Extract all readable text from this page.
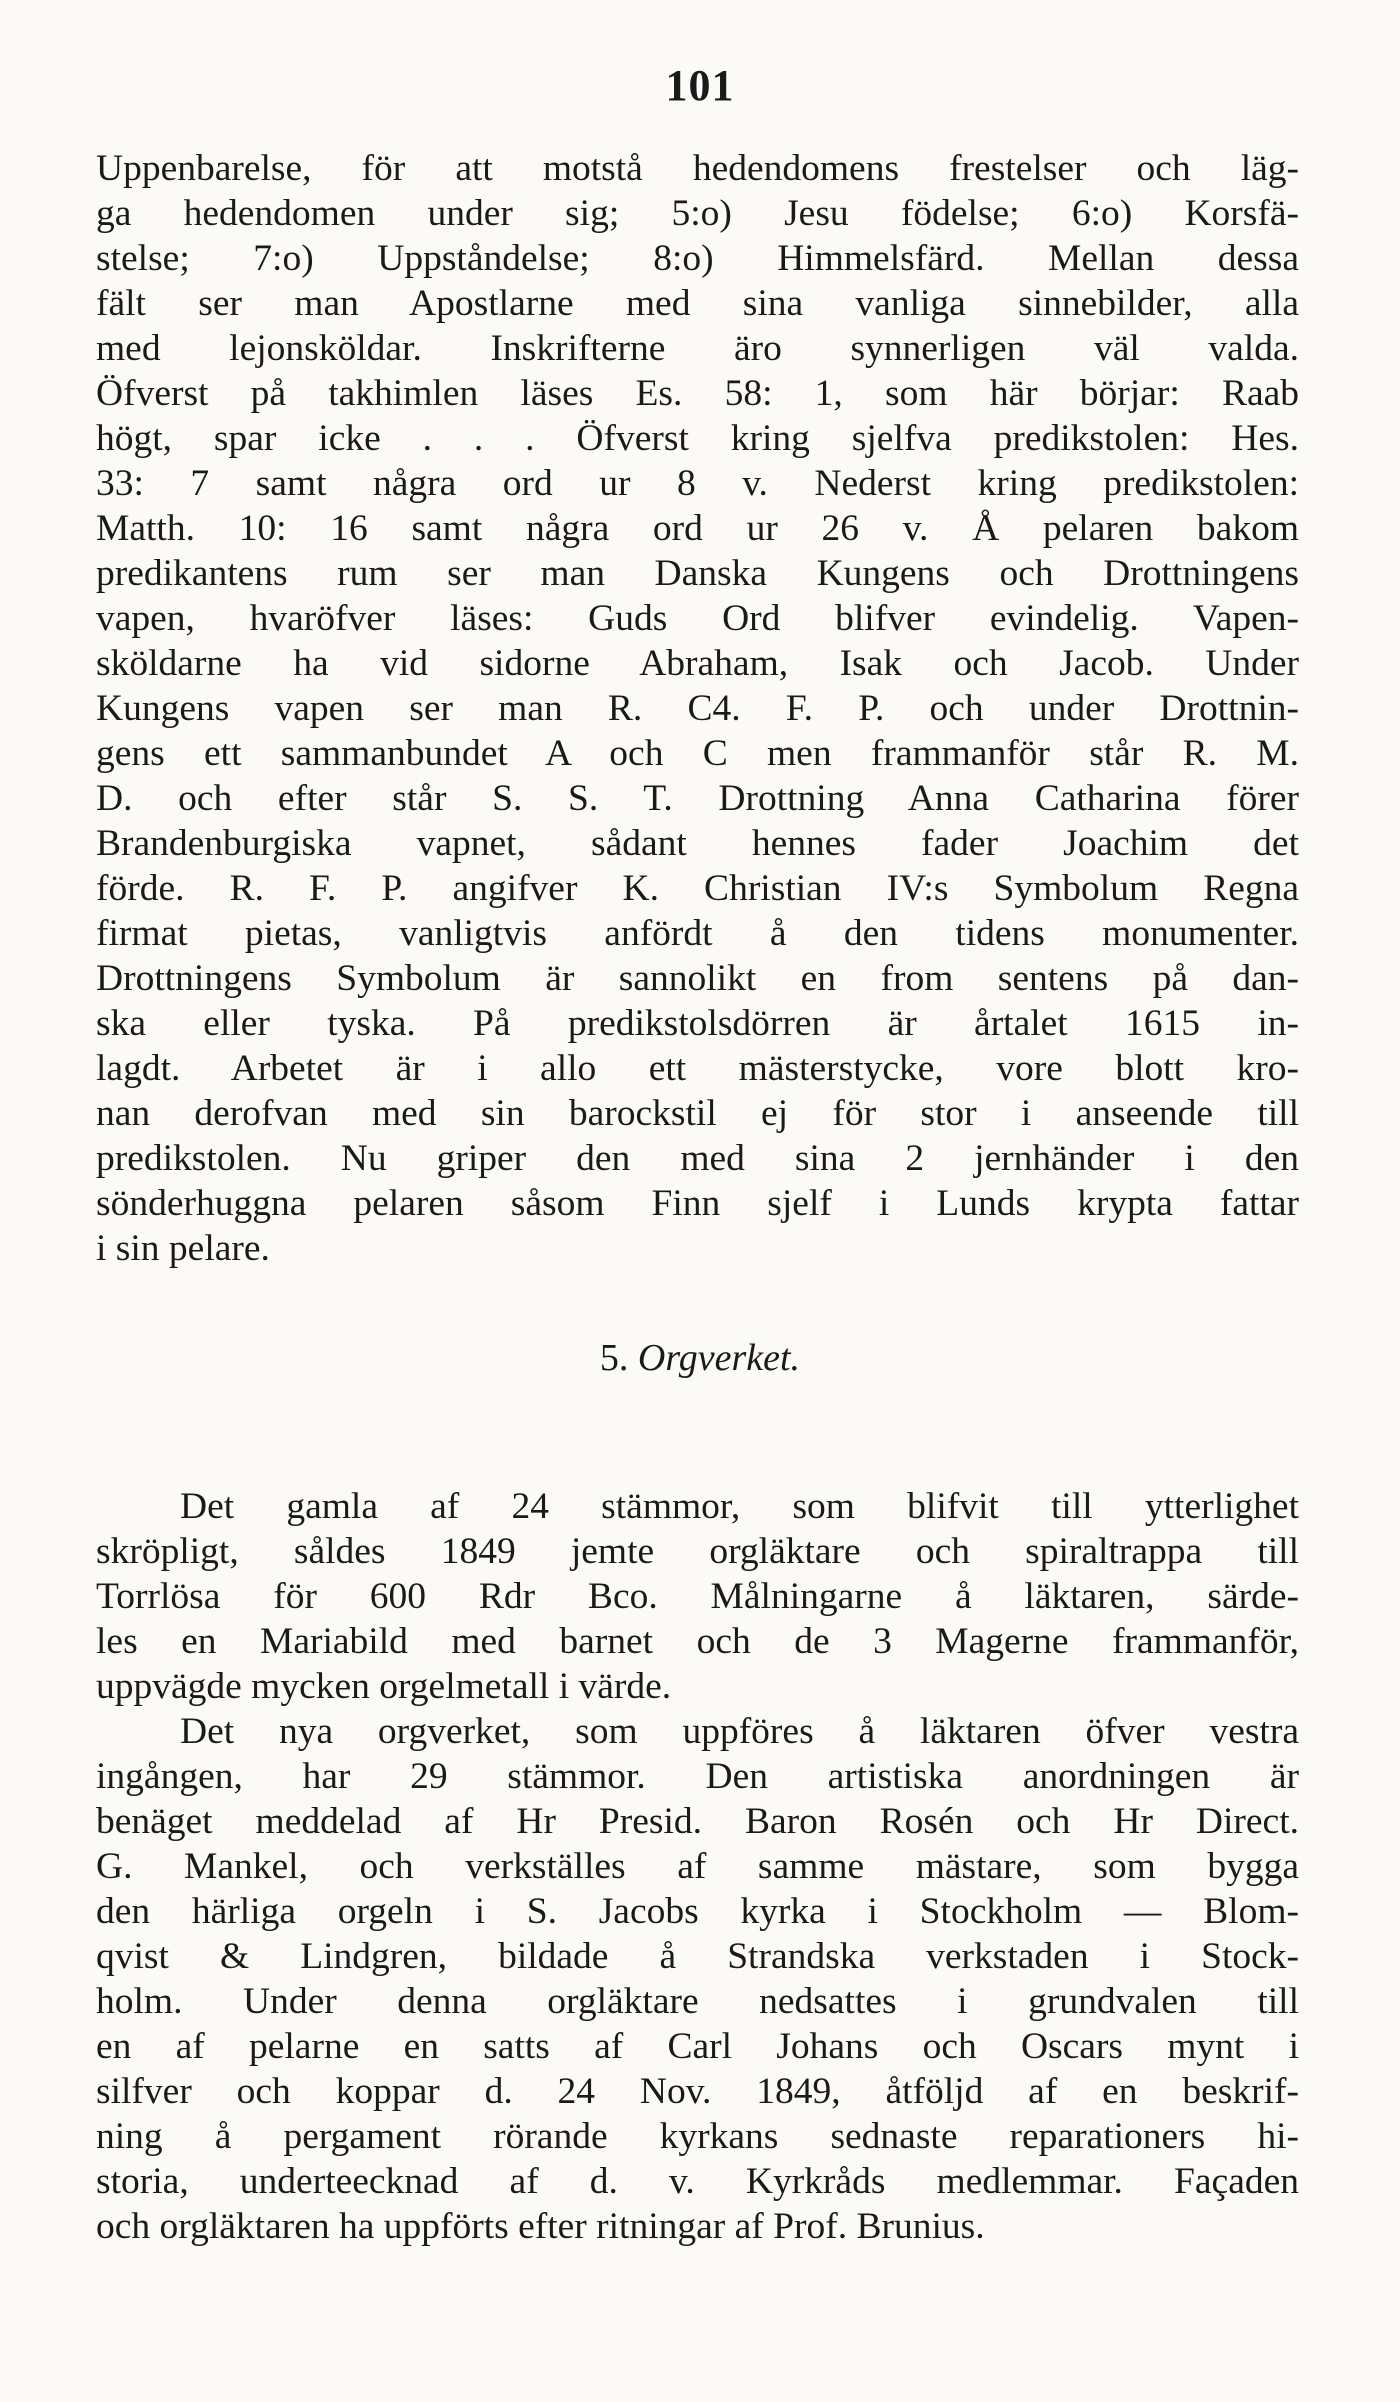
101
Uppenbarelse, för att motstå hedendomens frestelser och läg-
ga hedendomen under sig; 5:o) Jesu födelse; 6:o) Korsfä-
stelse; 7:o) Uppståndelse; 8:o) Himmelsfärd. Mellan dessa
fält ser man Apostlarne med sina vanliga sinnebilder, alla
med lejonsköldar. Inskrifterne äro synnerligen väl valda.
Öfverst på takhimlen läses Es. 58: 1, som här börjar: Raab
högt, spar icke . . . Öfverst kring sjelfva predikstolen: Hes.
33: 7 samt några ord ur 8 v. Nederst kring predikstolen:
Matth. 10: 16 samt några ord ur 26 v. Å pelaren bakom
predikantens rum ser man Danska Kungens och Drottningens
vapen, hvaröfver läses: Guds Ord blifver evindelig. Vapen-
sköldarne ha vid sidorne Abraham, Isak och Jacob. Under
Kungens vapen ser man R. C4. F. P. och under Drottnin-
gens ett sammanbundet A och C men frammanför står R. M.
D. och efter står S. S. T. Drottning Anna Catharina förer
Brandenburgiska vapnet, sådant hennes fader Joachim det
förde. R. F. P. angifver K. Christian IV:s Symbolum Regna
firmat pietas, vanligtvis anfördt å den tidens monumenter.
Drottningens Symbolum är sannolikt en from sentens på dan-
ska eller tyska. På predikstolsdörren är årtalet 1615 in-
lagdt. Arbetet är i allo ett mästerstycke, vore blott kro-
nan derofvan med sin barockstil ej för stor i anseende till
predikstolen. Nu griper den med sina 2 jernhänder i den
sönderhuggna pelaren såsom Finn sjelf i Lunds krypta fattar
i sin pelare.
5. Orgverket.
Det gamla af 24 stämmor, som blifvit till ytterlighet
skröpligt, såldes 1849 jemte orgläktare och spiraltrappa till
Torrlösa för 600 Rdr Bco. Målningarne å läktaren, särde-
les en Mariabild med barnet och de 3 Magerne frammanför,
uppvägde mycken orgelmetall i värde.
Det nya orgverket, som uppföres å läktaren öfver vestra
ingången, har 29 stämmor. Den artistiska anordningen är
benäget meddelad af Hr Presid. Baron Rosén och Hr Direct.
G. Mankel, och verkställes af samme mästare, som bygga
den härliga orgeln i S. Jacobs kyrka i Stockholm — Blom-
qvist & Lindgren, bildade å Strandska verkstaden i Stock-
holm. Under denna orgläktare nedsattes i grundvalen till
en af pelarne en satts af Carl Johans och Oscars mynt i
silfver och koppar d. 24 Nov. 1849, åtföljd af en beskrif-
ning å pergament rörande kyrkans sednaste reparationers hi-
storia, underteecknad af d. v. Kyrkråds medlemmar. Façaden
och orgläktaren ha uppförts efter ritningar af Prof. Brunius.
